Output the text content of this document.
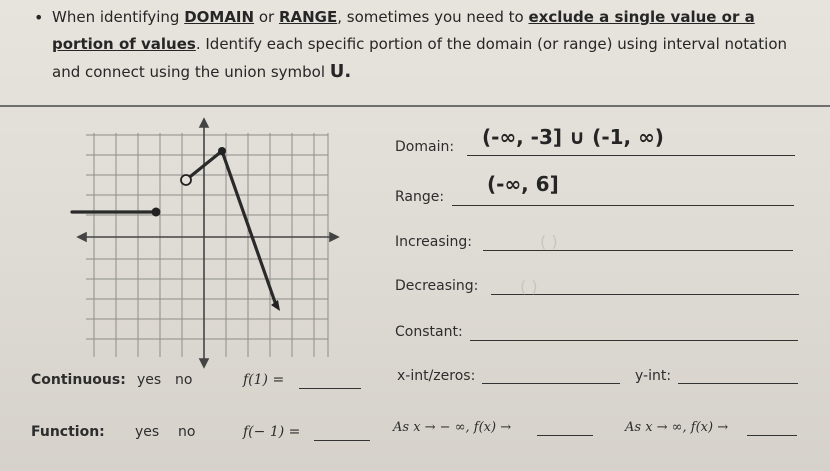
• When identifying DOMAIN or RANGE, sometimes you need to exclude a single value or a portion of values. Identify each specific portion of the domain (or range) using interval notation and connect using the union symbol U.

Domain: (-∞, -3] ∪ (-1, ∞)
Range:
(-∞, 6]
Increasing:	( )
Decreasing:	( )
Constant:
x-int/zeros:	y-int:
Continuous: yes no	f(1) =
Function: yes no	f(− 1) =	As x → − ∞, f(x) →	As x → ∞, f(x) →
